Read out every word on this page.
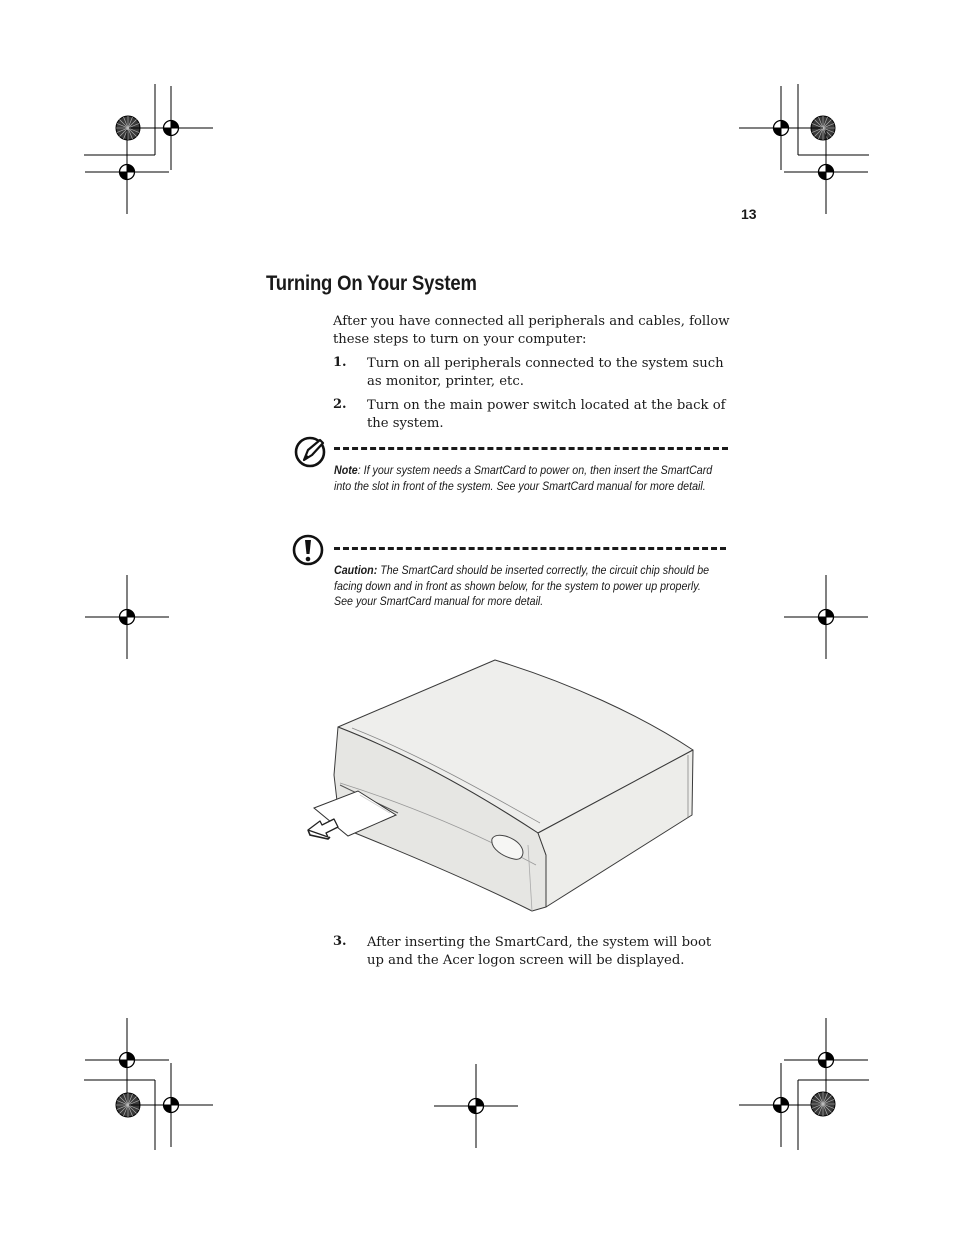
13
Turning On Your System
After you have connected all peripherals and cables, follow these steps to turn on your computer:
1. Turn on all peripherals connected to the system such as monitor, printer, etc.
2. Turn on the main power switch located at the back of the system.
Note: If your system needs a SmartCard to power on, then insert the SmartCard into the slot in front of the system. See your SmartCard manual for more detail.
Caution: The SmartCard should be inserted correctly, the circuit chip should be facing down and in front as shown below, for the system to power up properly. See your SmartCard manual for more detail.
3. After inserting the SmartCard, the system will boot up and the Acer logon screen will be displayed.
